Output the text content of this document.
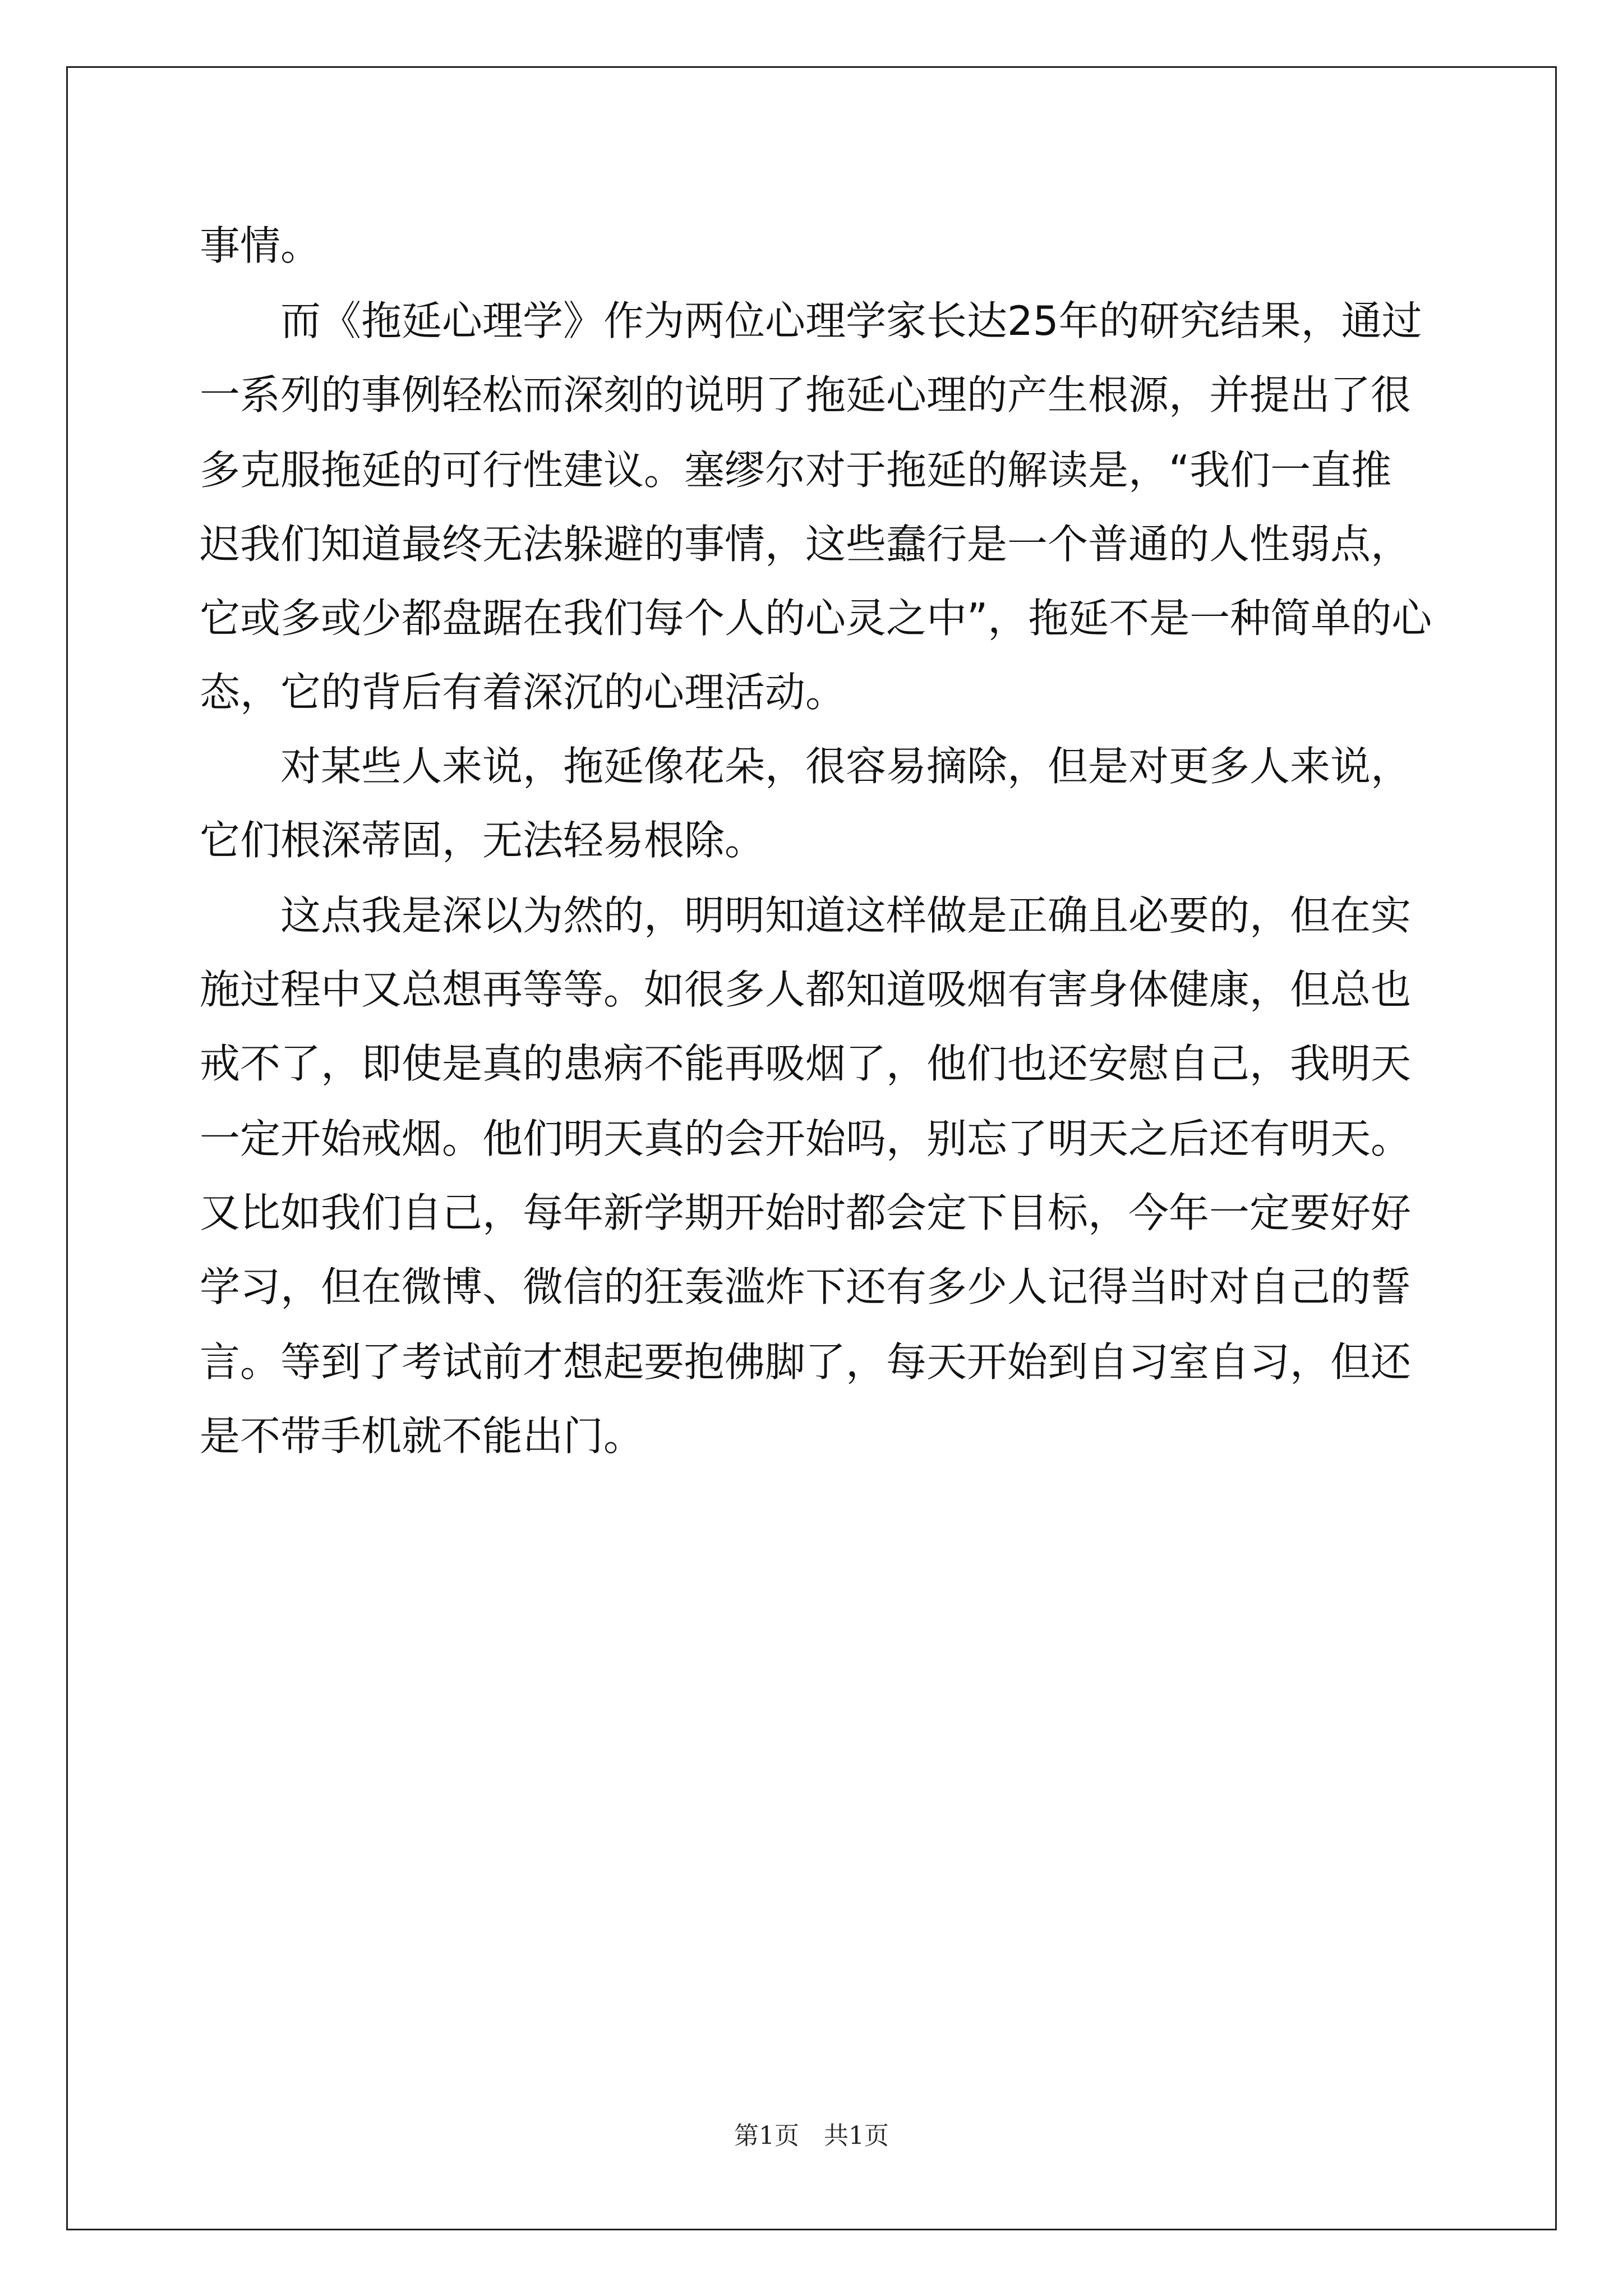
事情。
而《拖延心理学》作为两位心理学家长达25年的研究结果，通过
一系列的事例轻松而深刻的说明了拖延心理的产生根源，并提出了很
多克服拖延的可行性建议。塞缪尔对于拖延的解读是，“我们一直推
迟我们知道最终无法躲避的事情，这些蠢行是一个普通的人性弱点，
它或多或少都盘踞在我们每个人的心灵之中”，拖延不是一种简单的心
态，它的背后有着深沉的心理活动。
对某些人来说，拖延像花朵，很容易摘除，但是对更多人来说，
它们根深蒂固，无法轻易根除。
这点我是深以为然的，明明知道这样做是正确且必要的，但在实
施过程中又总想再等等。如很多人都知道吸烟有害身体健康，但总也
戒不了，即使是真的患病不能再吸烟了，他们也还安慰自己，我明天
一定开始戒烟。他们明天真的会开始吗，别忘了明天之后还有明天。
又比如我们自己，每年新学期开始时都会定下目标，今年一定要好好
学习，但在微博、微信的狂轰滥炸下还有多少人记得当时对自己的誓
言。等到了考试前才想起要抱佛脚了，每天开始到自习室自习，但还
是不带手机就不能出门。
第1页　共1页
